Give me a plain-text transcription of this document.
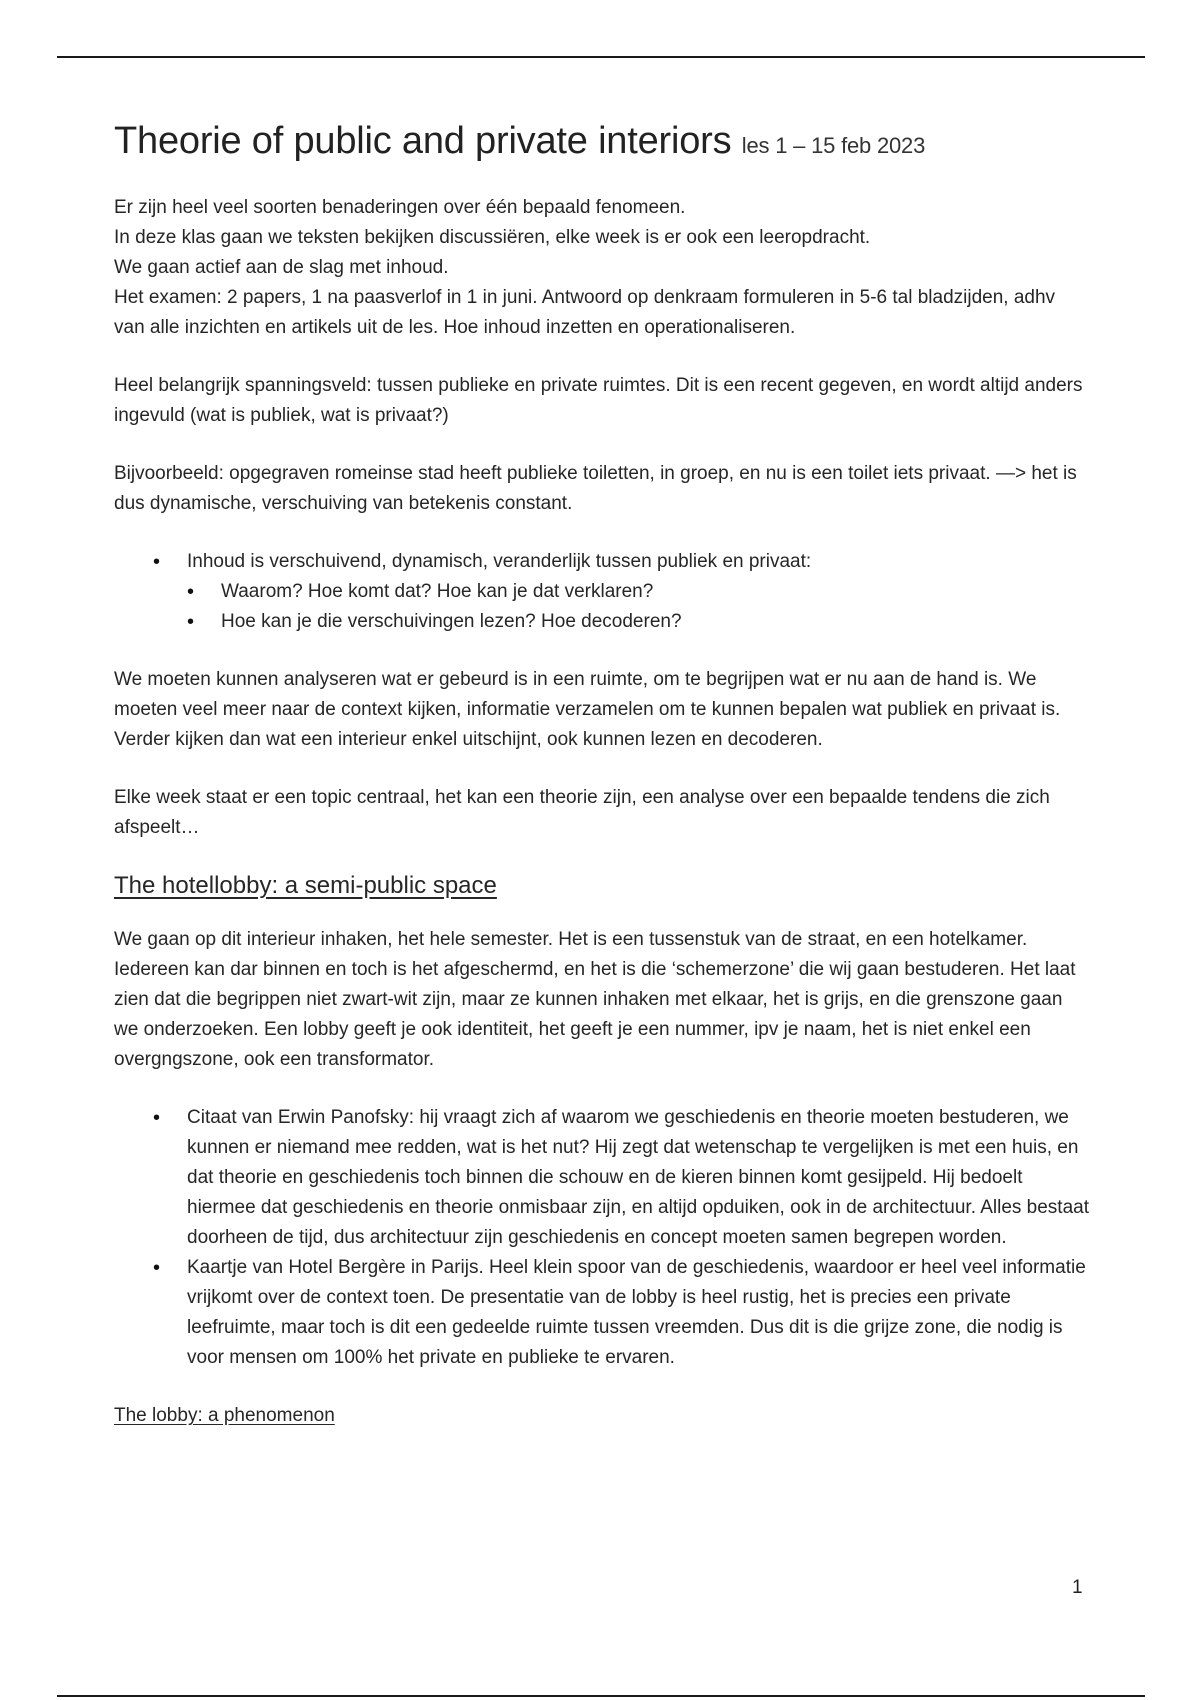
Theorie of public and private interiors les 1 – 15 feb 2023

Er zijn heel veel soorten benaderingen over één bepaald fenomeen.

In deze klas gaan we teksten bekijken discussiëren, elke week is er ook een leeropdracht.

We gaan actief aan de slag met inhoud.

Het examen: 2 papers, 1 na paasverlof in 1 in juni. Antwoord op denkraam formuleren in 5-6 tal bladzijden, adhv van alle inzichten en artikels uit de les. Hoe inhoud inzetten en operationaliseren.

Heel belangrijk spanningsveld: tussen publieke en private ruimtes. Dit is een recent gegeven, en wordt altijd anders ingevuld (wat is publiek, wat is privaat?)

Bijvoorbeeld: opgegraven romeinse stad heeft publieke toiletten, in groep, en nu is een toilet iets privaat. —> het is dus dynamische, verschuiving van betekenis constant.

• Inhoud is verschuivend, dynamisch, veranderlijk tussen publiek en privaat:
• Waarom? Hoe komt dat? Hoe kan je dat verklaren?
• Hoe kan je die verschuivingen lezen? Hoe decoderen?

We moeten kunnen analyseren wat er gebeurd is in een ruimte, om te begrijpen wat er nu aan de hand is. We moeten veel meer naar de context kijken, informatie verzamelen om te kunnen bepalen wat publiek en privaat is. Verder kijken dan wat een interieur enkel uitschijnt, ook kunnen lezen en decoderen.

Elke week staat er een topic centraal, het kan een theorie zijn, een analyse over een bepaalde tendens die zich afspeelt…

The hotellobby: a semi-public space

We gaan op dit interieur inhaken, het hele semester. Het is een tussenstuk van de straat, en een hotelkamer. Iedereen kan dar binnen en toch is het afgeschermd, en het is die ‘schemerzone’ die wij gaan bestuderen. Het laat zien dat die begrippen niet zwart-wit zijn, maar ze kunnen inhaken met elkaar, het is grijs, en die grenszone gaan we onderzoeken. Een lobby geeft je ook identiteit, het geeft je een nummer, ipv je naam, het is niet enkel een overgngszone, ook een transformator.

• Citaat van Erwin Panofsky: hij vraagt zich af waarom we geschiedenis en theorie moeten bestuderen, we kunnen er niemand mee redden, wat is het nut? Hij zegt dat wetenschap te vergelijken is met een huis, en dat theorie en geschiedenis toch binnen die schouw en de kieren binnen komt gesijpeld. Hij bedoelt hiermee dat geschiedenis en theorie onmisbaar zijn, en altijd opduiken, ook in de architectuur. Alles bestaat doorheen de tijd, dus architectuur zijn geschiedenis en concept moeten samen begrepen worden.
• Kaartje van Hotel Bergère in Parijs. Heel klein spoor van de geschiedenis, waardoor er heel veel informatie vrijkomt over de context toen. De presentatie van de lobby is heel rustig, het is precies een private leefruimte, maar toch is dit een gedeelde ruimte tussen vreemden. Dus dit is die grijze zone, die nodig is voor mensen om 100% het private en publieke te ervaren.
The lobby: a phenomenon
1
